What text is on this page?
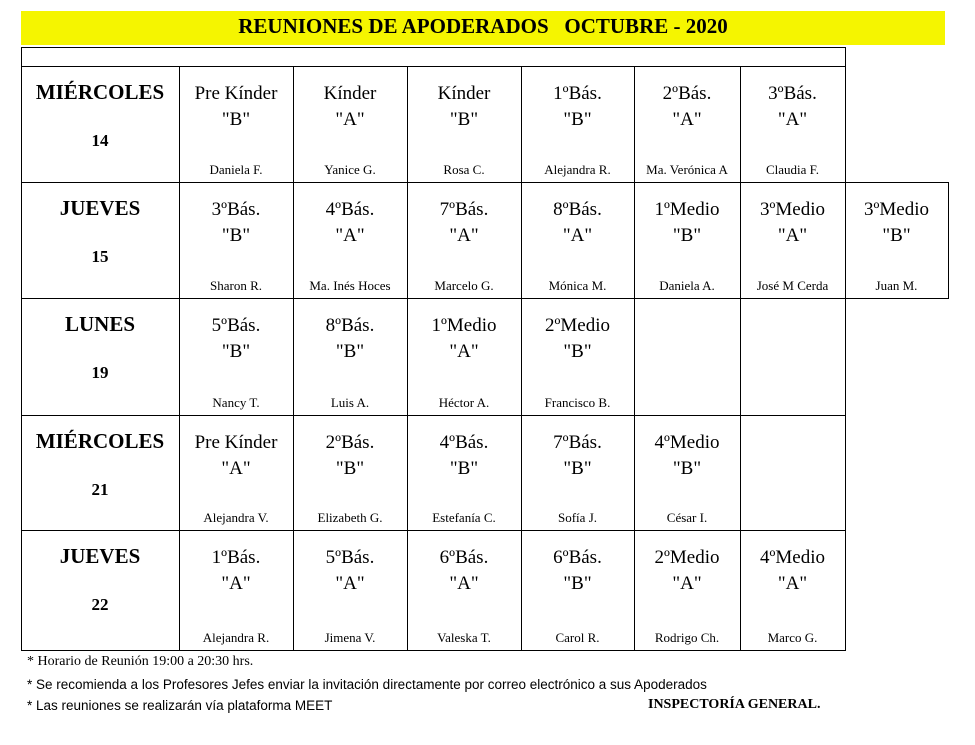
REUNIONES DE APODERADOS   OCTUBRE - 2020
MIÉRCOLES
14
Pre Kínder
"B"
Daniela F.
Kínder
"A"
Yanice G.
Kínder
"B"
Rosa C.
1ºBás.
"B"
Alejandra R.
2ºBás.
"A"
Ma. Verónica A
3ºBás.
"A"
Claudia F.
JUEVES
15
3ºBás.
"B"
Sharon R.
4ºBás.
"A"
Ma. Inés Hoces
7ºBás.
"A"
Marcelo G.
8ºBás.
"A"
Mónica M.
1ºMedio
"B"
Daniela A.
3ºMedio
"A"
José M Cerda
3ºMedio
"B"
Juan M.
LUNES
19
5ºBás.
"B"
Nancy T.
8ºBás.
"B"
Luis A.
1ºMedio
"A"
Héctor A.
2ºMedio
"B"
Francisco B.
MIÉRCOLES
21
Pre Kínder
"A"
Alejandra V.
2ºBás.
"B"
Elizabeth G.
4ºBás.
"B"
Estefanía C.
7ºBás.
"B"
Sofía J.
4ºMedio
"B"
César I.
JUEVES
22
1ºBás.
"A"
Alejandra R.
5ºBás.
"A"
Jimena V.
6ºBás.
"A"
Valeska T.
6ºBás.
"B"
Carol R.
2ºMedio
"A"
Rodrigo Ch.
4ºMedio
"A"
Marco G.
* Horario de Reunión 19:00 a 20:30 hrs.
* Se recomienda a los Profesores Jefes enviar la invitación directamente por correo electrónico a sus Apoderados
* Las reuniones se realizarán vía plataforma MEET	INSPECTORÍA GENERAL.
